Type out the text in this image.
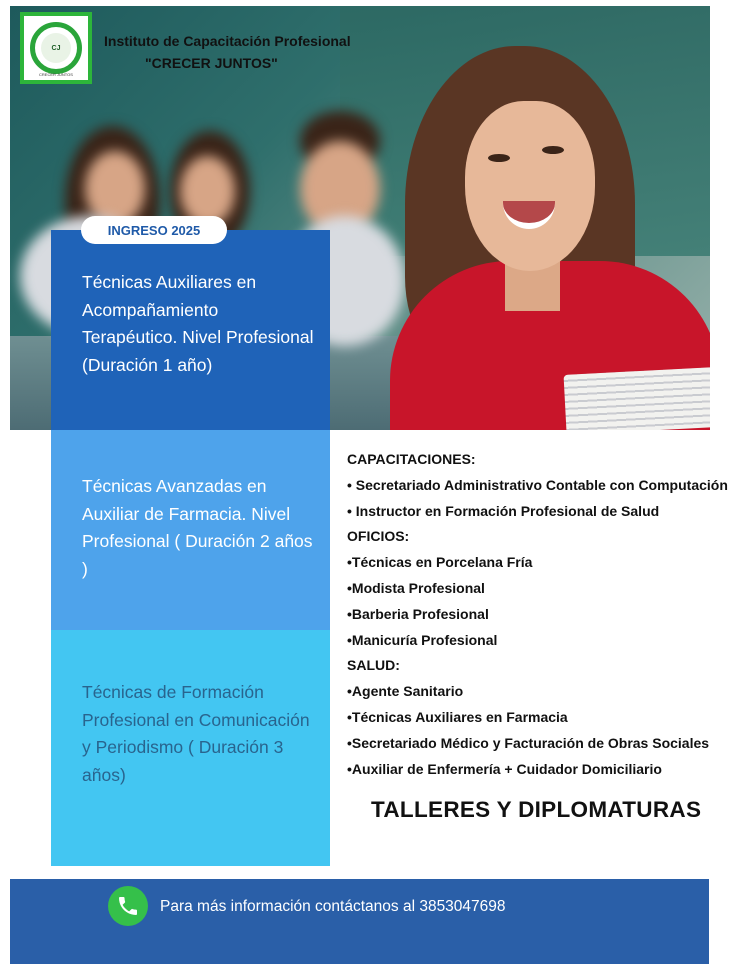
CJ
CRECER JUNTOS
Instituto de Capacitación Profesional
"CRECER JUNTOS"
Técnicas Auxiliares en Acompañamiento Terapéutico. Nivel Profesional (Duración 1 año)
Técnicas Avanzadas en Auxiliar de Farmacia. Nivel Profesional ( Duración 2 años )
Técnicas de Formación Profesional en Comunicación y Periodismo ( Duración 3 años)
INGRESO 2025
CAPACITACIONES:
• Secretariado Administrativo Contable con Computación
• Instructor en Formación Profesional de Salud
OFICIOS:
•Técnicas en Porcelana Fría
•Modista Profesional
•Barberia Profesional
•Manicuría Profesional
SALUD:
•Agente Sanitario
•Técnicas Auxiliares en Farmacia
•Secretariado Médico y Facturación de Obras Sociales
•Auxiliar de Enfermería + Cuidador Domiciliario
TALLERES Y DIPLOMATURAS
Para más información contáctanos al 3853047698
